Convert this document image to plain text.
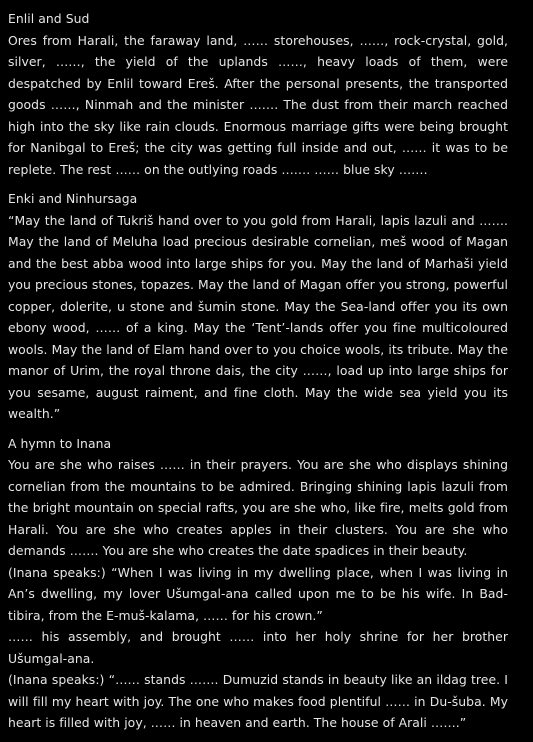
Enlil and Sud
Ores from Harali, the faraway land, …… storehouses, ……, rock-crystal, gold, silver, ……, the yield of the uplands ……, heavy loads of them, were despatched by Enlil toward Ereš. After the personal presents, the transported goods ……, Ninmah and the minister ……. The dust from their march reached high into the sky like rain clouds. Enormous marriage gifts were being brought for Nanibgal to Ereš; the city was getting full inside and out, …… it was to be replete. The rest …… on the outlying roads ……. …… blue sky …….
Enki and Ninhursaga
“May the land of Tukriš hand over to you gold from Harali, lapis lazuli and ……. May the land of Meluha load precious desirable cornelian, meš wood of Magan and the best abba wood into large ships for you. May the land of Marhaši yield you precious stones, topazes. May the land of Magan offer you strong, powerful copper, dolerite, u stone and šumin stone. May the Sea-land offer you its own ebony wood, …… of a king. May the ‘Tent’-lands offer you fine multicoloured wools. May the land of Elam hand over to you choice wools, its tribute. May the manor of Urim, the royal throne dais, the city ……, load up into large ships for you sesame, august raiment, and fine cloth. May the wide sea yield you its wealth.”
A hymn to Inana
You are she who raises …… in their prayers. You are she who displays shining cornelian from the mountains to be admired. Bringing shining lapis lazuli from the bright mountain on special rafts, you are she who, like fire, melts gold from Harali. You are she who creates apples in their clusters. You are she who demands ……. You are she who creates the date spadices in their beauty.
(Inana speaks:) “When I was living in my dwelling place, when I was living in An’s dwelling, my lover Ušumgal-ana called upon me to be his wife. In Bad-tibira, from the E-muš-kalama, …… for his crown.”
…… his assembly, and brought …… into her holy shrine for her brother Ušumgal-ana.
(Inana speaks:) “…… stands ……. Dumuzid stands in beauty like an ildag tree. I will fill my heart with joy. The one who makes food plentiful …… in Du-šuba. My heart is filled with joy, …… in heaven and earth. The house of Arali …….”
